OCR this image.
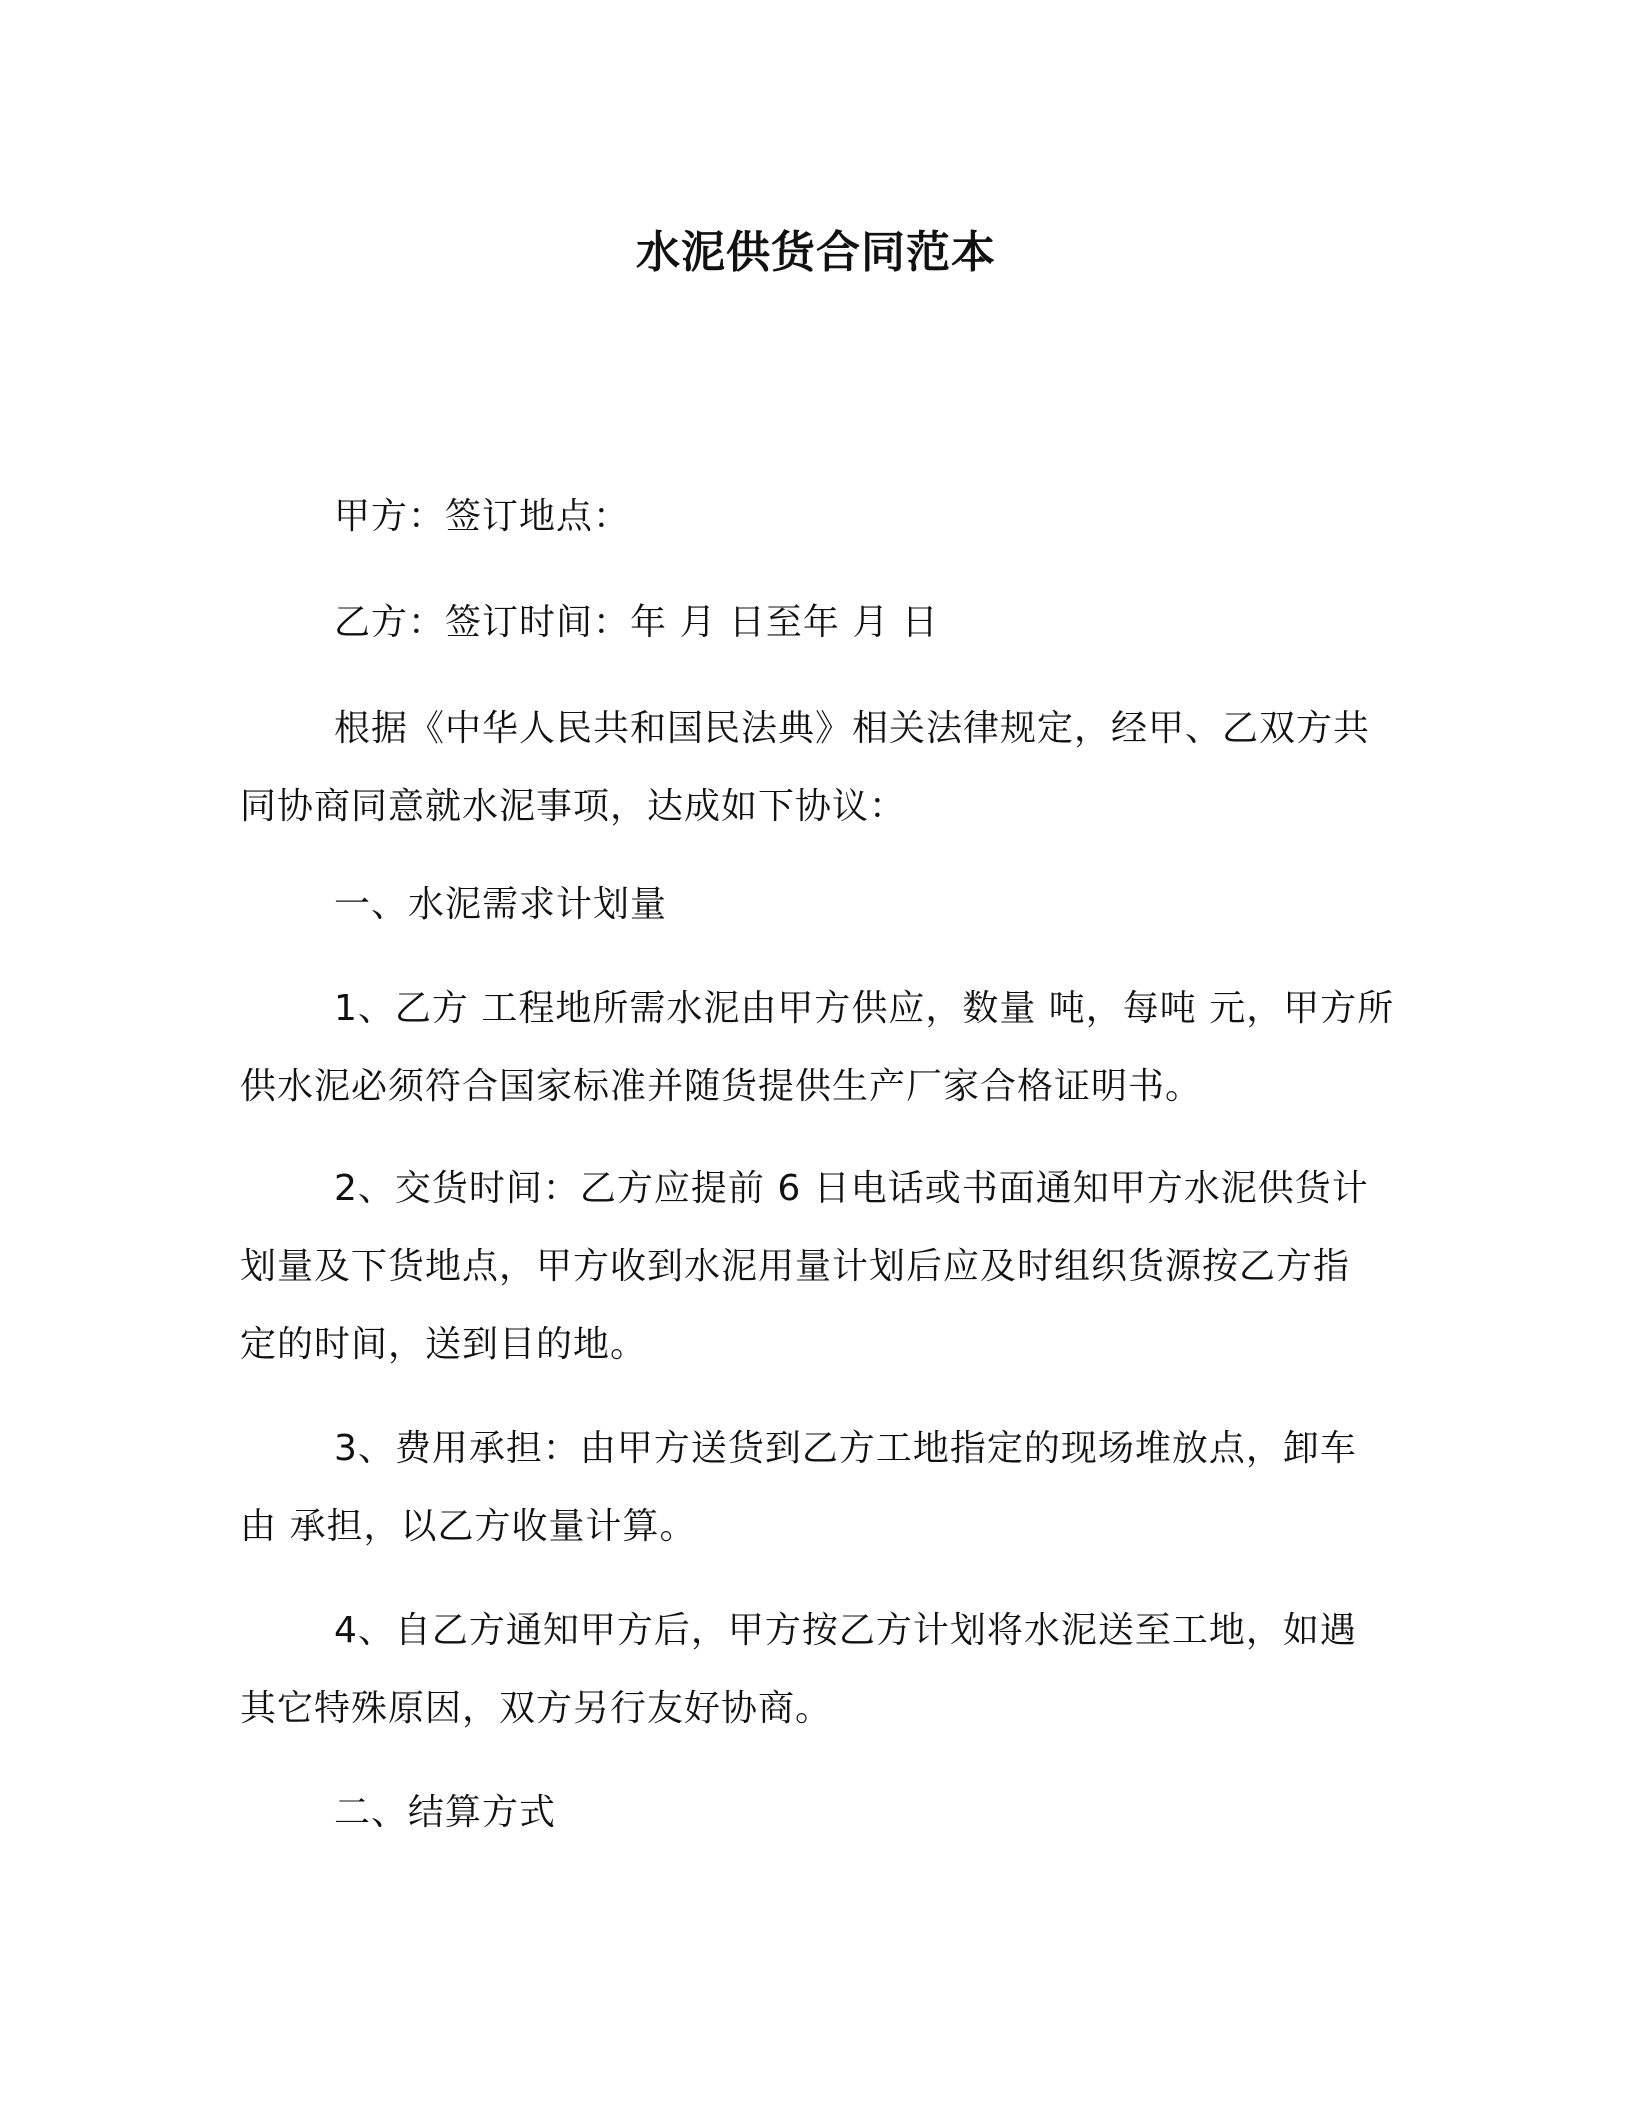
水泥供货合同范本
甲方：签订地点：
乙方：签订时间：年 月 日至年 月 日
根据《中华人民共和国民法典》相关法律规定，经甲、乙双方共
同协商同意就水泥事项，达成如下协议：
一、水泥需求计划量
1、乙方 工程地所需水泥由甲方供应，数量 吨，每吨 元，甲方所
供水泥必须符合国家标准并随货提供生产厂家合格证明书。
2、交货时间：乙方应提前 6 日电话或书面通知甲方水泥供货计
划量及下货地点，甲方收到水泥用量计划后应及时组织货源按乙方指
定的时间，送到目的地。
3、费用承担：由甲方送货到乙方工地指定的现场堆放点，卸车
由 承担，以乙方收量计算。
4、自乙方通知甲方后，甲方按乙方计划将水泥送至工地，如遇
其它特殊原因，双方另行友好协商。
二、结算方式
